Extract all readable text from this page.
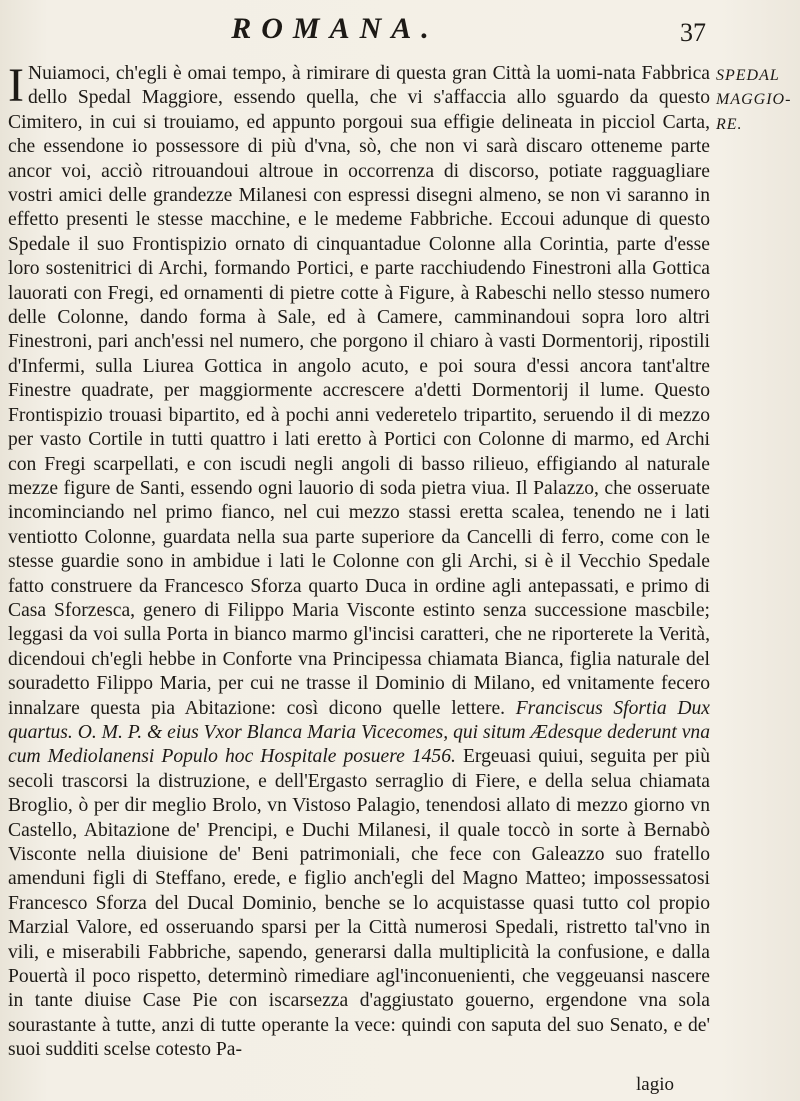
ROMANA.	37

I Nuiamoci, ch'egli è omai tempo, à rimirare di questa gran Città la uomi-nata Fabbrica dello Spedal Maggiore, essendo quella, che vi s'affaccia allo sguardo da questo Cimitero, in cui si trouiamo, ed appunto porgoui sua effigie delineata in picciol Carta, che essendone io possessore di più d'vna, sò, che non vi sarà discaro otteneme parte ancor voi, acciò ritrouandoui altroue in occorrenza di discorso, potiate ragguagliare vostri amici delle grandezze Milanesi con espressi disegni almeno, se non vi saranno in effetto presenti le stesse macchine, e le medeme Fabbriche. Eccoui adunque di questo Spedale il suo Frontispizio ornato di cinquantadue Colonne alla Corintia, parte d'esse loro sostenitrici di Archi, formando Portici, e parte racchiudendo Finestroni alla Gottica lauorati con Fregi, ed ornamenti di pietre cotte à Figure, à Rabeschi nello stesso numero delle Colonne, dando forma à Sale, ed à Camere, camminandoui sopra loro altri Finestroni, pari anch'essi nel numero, che porgono il chiaro à vasti Dormentorij, ripostili d'Infermi, sulla Liurea Gottica in angolo acuto, e poi soura d'essi ancora tant'altre Finestre quadrate, per maggiormente accrescere a'detti Dormentorij il lume. Questo Frontispizio trouasi bipartito, ed à pochi anni vederetelo tripartito, seruendo il di mezzo per vasto Cortile in tutti quattro i lati eretto à Portici con Colonne di marmo, ed Archi con Fregi scarpellati, e con iscudi negli angoli di basso rilieuo, effigiando al naturale mezze figure de Santi, essendo ogni lauorio di soda pietra viua. Il Palazzo, che osseruate incominciando nel primo fianco, nel cui mezzo stassi eretta scalea, tenendo ne i lati ventiotto Colonne, guardata nella sua parte superiore da Cancelli di ferro, come con le stesse guardie sono in ambidue i lati le Colonne con gli Archi, si è il Vecchio Spedale fatto construere da Francesco Sforza quarto Duca in ordine agli antepassati, e primo di Casa Sforzesca, genero di Filippo Maria Visconte estinto senza successione mascbile; leggasi da voi sulla Porta in bianco marmo gl'incisi caratteri, che ne riporterete la Verità, dicendoui ch'egli hebbe in Conforte vna Principessa chiamata Bianca, figlia naturale del souradetto Filippo Maria, per cui ne trasse il Dominio di Milano, ed vnitamente fecero innalzare questa pia Abitazione: così dicono quelle lettere. Franciscus Sfortia Dux quartus. O. M. P. & eius Vxor Blanca Maria Vicecomes, qui situm Ædesque dederunt vna cum Mediolanensi Populo hoc Hospitale posuere 1456. Ergeuasi quiui, seguita per più secoli trascorsi la distruzione, e dell'Ergasto serraglio di Fiere, e della selua chiamata Broglio, ò per dir meglio Brolo, vn Vistoso Palagio, tenendosi allato di mezzo giorno vn Castello, Abitazione de' Prencipi, e Duchi Milanesi, il quale toccò in sorte à Bernabò Visconte nella diuisione de' Beni patrimoniali, che fece con Galeazzo suo fratello amenduni figli di Steffano, erede, e figlio anch'egli del Magno Matteo; impossessatosi Francesco Sforza del Ducal Dominio, benche se lo acquistasse quasi tutto col propio Marzial Valore, ed osseruando sparsi per la Città numerosi Spedali, ristretto tal'vno in vili, e miserabili Fabbriche, sapendo, generarsi dalla multiplicità la confusione, e dalla Pouertà il poco rispetto, determinò rimediare agl'inconuenienti, che veggeuansi nascere in tante diuise Case Pie con iscarsezza d'aggiustato gouerno, ergendone vna sola sourastante à tutte, anzi di tutte operante la vece: quindi con saputa del suo Senato, e de' suoi sudditi scelse cotesto Pa-

SPEDAL
MAGGIO-
RE.
lagio
